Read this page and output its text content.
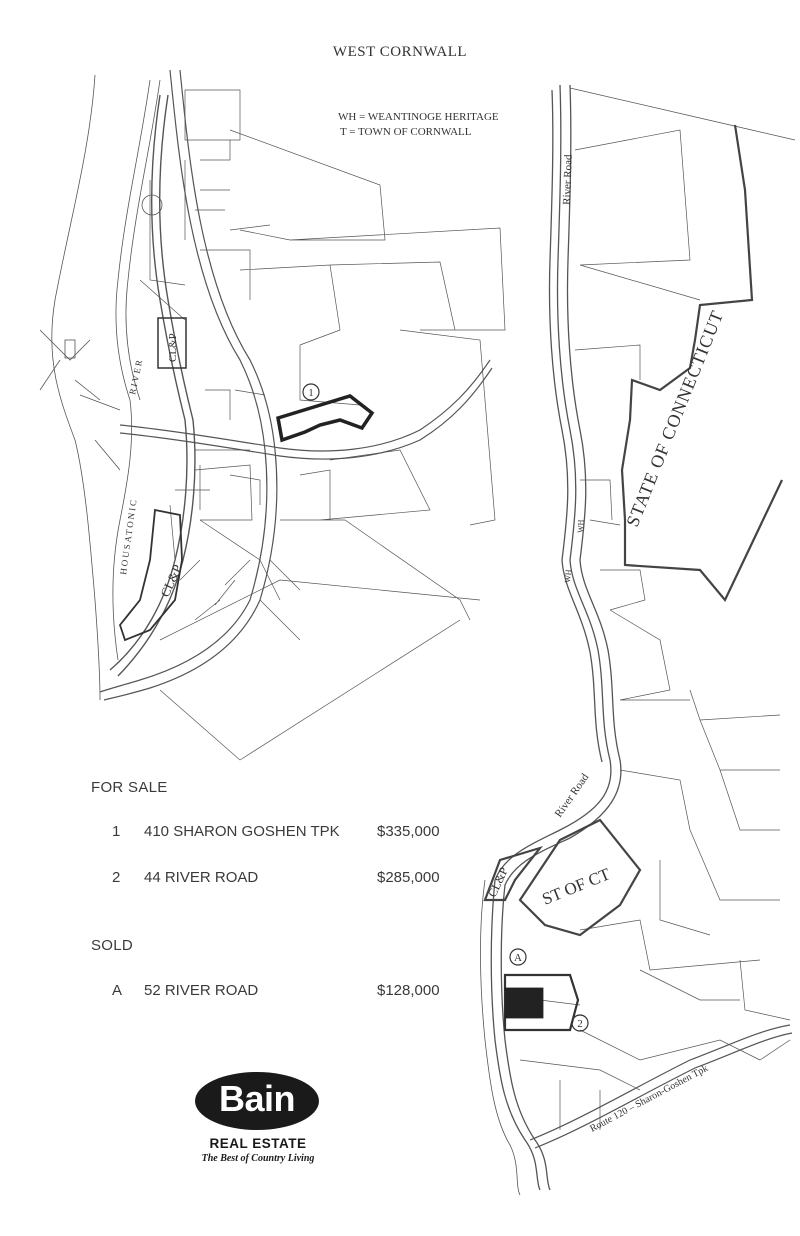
1
A
2
CL&P
CL&P
CL&P
RIVER
HOUSATONIC
River Road
River Road
STATE OF CONNECTICUT
ST OF CT
Route 120 – Sharon-Goshen Tpk
WH
WH
WEST CORNWALL
WH = WEANTINOGE HERITAGE
T = TOWN OF CORNWALL
FOR SALE
1 410 SHARON GOSHEN TPK $335,000
2 44 RIVER ROAD	$285,000
SOLD
A 52 RIVER ROAD	$128,000
Bain
REAL ESTATE
The Best of Country Living
